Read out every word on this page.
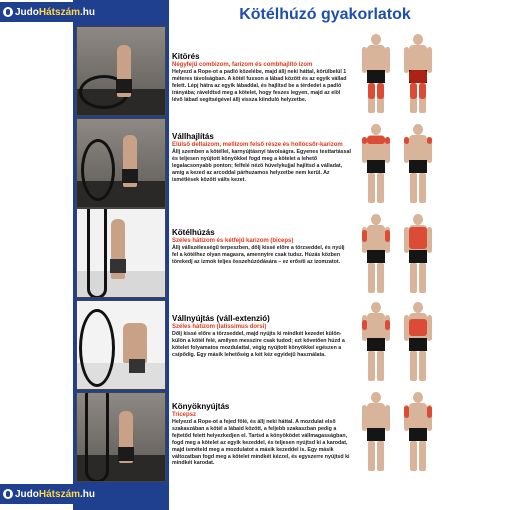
Judo Hátszám .hu
Judo Hátszám .hu
Kötélhúzó gyakorlatok
Kitörés
Négyfejű combizom, farizom és combhajlító izom
Helyezd a Rope-ot a padló közelébe, majd állj neki háttal, körülbelül 1 méteres távolságban. A kötél fusson a lábad között és az egyik vállad felett. Lépj hátra az egyik lábaddal, és hajlítsd be a térdedet a padló irányába; ráveldtsd meg a kötelet, hogy feszes legyen, majd az elöl lévő lábad segítségével állj vissza kiinduló helyzetbe.
Vállhajlítás
Elülső deltaizom, mellizom felső része és hollócsőr-karizom
Állj szemben a kötéllel, karnyújtásnyi távolságra. Egyenes testtartással és teljesen nyújtott könyökkel fogd meg a kötelet a lehető legalacsonyabb ponton; felfelé nézö hüvelykujjal hajlítsd a válladat, amíg a kezed az arcoddal párhuzamos helyzetbe nem kerül. Az ismétlések között válts kezet.
Kötélhúzás
Széles hátizom és kétfejű karizom (biceps)
Állj vállszélességű terpeszben, dőlj kissé előre a törzseddel, és nyúlj fel a kötélhez olyan magasra, amennyire csak tudsz. Húzás közben törekedj az izmok teljes összehúzódására – ez erősíti az izomzatot.
Vállnyújtás (váll-extenzió)
Széles hátizom (latissimus dorsi)
Dőlj kissé előre a törzseddel, majd nyújts ki mindkét kezedet külön-külön a kötél felé, amilyen messzire csak tudod; ezt követően húzd a kötelet folyamatos mozdulattal, végig nyújtott könyökkel egészen a csípődig. Egy másik lehetőség a két kéz egyidejű használata.
Könyöknyújtás
Tricepsz
Helyezd a Rope-ot a fejed fölé, és állj neki háttal. A mozdulat első szakaszában a kötél a lábaid között, a feljebb szakaszban pedig a fejtetőd felett helyezkedjen el. Tartsd a könyöködet vállmagasságban, fogd meg a kötelet az egyik kezeddel, és teljesen nyújtsd ki a karodat, majd ismételd meg a mozdulatot a másik kezeddel is. Egy másik változatban fogd meg a kötelet mindkét kézzel, és egyszerre nyújtsd ki mindkét karodat.
